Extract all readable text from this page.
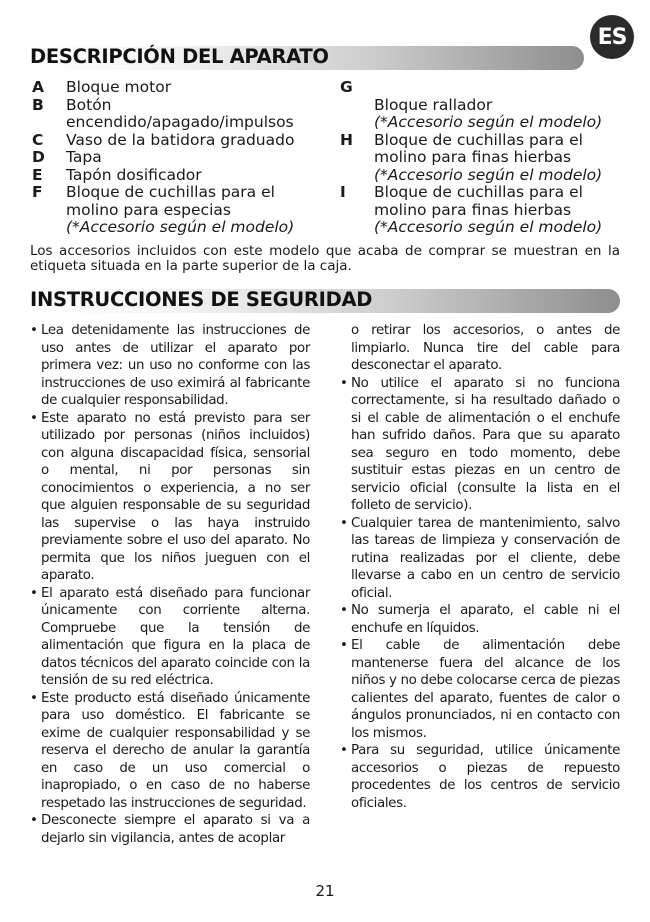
ES
DESCRIPCIÓN DEL APARATO
A	Bloque motor
B	Botón
encendido/apagado/impulsos
C	Vaso de la batidora graduado
D	Tapa
E	Tapón dosificador
F	Bloque de cuchillas para el
molino para especias
(*Accesorio según el modelo)
G

Bloque rallador
(*Accesorio según el modelo)
H	Bloque de cuchillas para el
molino para finas hierbas
(*Accesorio según el modelo)
I	Bloque de cuchillas para el
molino para finas hierbas
(*Accesorio según el modelo)
Los accesorios incluidos con este modelo que acaba de comprar se muestran en la etiqueta situada en la parte superior de la caja.
INSTRUCCIONES DE SEGURIDAD
• Lea detenidamente las instrucciones de uso antes de utilizar el aparato por primera vez: un uso no conforme con las instrucciones de uso eximirá al fabricante de cualquier responsabilidad.
• Este aparato no está previsto para ser utilizado por personas (niños incluidos) con alguna discapacidad física, sensorial o mental, ni por personas sin conocimientos o experiencia, a no ser que alguien responsable de su seguridad las supervise o las haya instruido previamente sobre el uso del aparato. No permita que los niños jueguen con el aparato.
• El aparato está diseñado para funcionar únicamente con corriente alterna. Compruebe que la tensión de alimentación que figura en la placa de datos técnicos del aparato coincide con la tensión de su red eléctrica.
• Este producto está diseñado únicamente para uso doméstico. El fabricante se exime de cualquier responsabilidad y se reserva el derecho de anular la garantía en caso de un uso comercial o inapropiado, o en caso de no haberse respetado las instrucciones de seguridad.
• Desconecte siempre el aparato si va a dejarlo sin vigilancia, antes de acoplar
o retirar los accesorios, o antes de limpiarlo. Nunca tire del cable para desconectar el aparato.
• No utilice el aparato si no funciona correctamente, si ha resultado dañado o si el cable de alimentación o el enchufe han sufrido daños. Para que su aparato sea seguro en todo momento, debe sustituir estas piezas en un centro de servicio oficial (consulte la lista en el folleto de servicio).
• Cualquier tarea de mantenimiento, salvo las tareas de limpieza y conservación de rutina realizadas por el cliente, debe llevarse a cabo en un centro de servicio oficial.
• No sumerja el aparato, el cable ni el enchufe en líquidos.
• El cable de alimentación debe mantenerse fuera del alcance de los niños y no debe colocarse cerca de piezas calientes del aparato, fuentes de calor o ángulos pronunciados, ni en contacto con los mismos.
• Para su seguridad, utilice únicamente accesorios o piezas de repuesto procedentes de los centros de servicio oficiales.
21
